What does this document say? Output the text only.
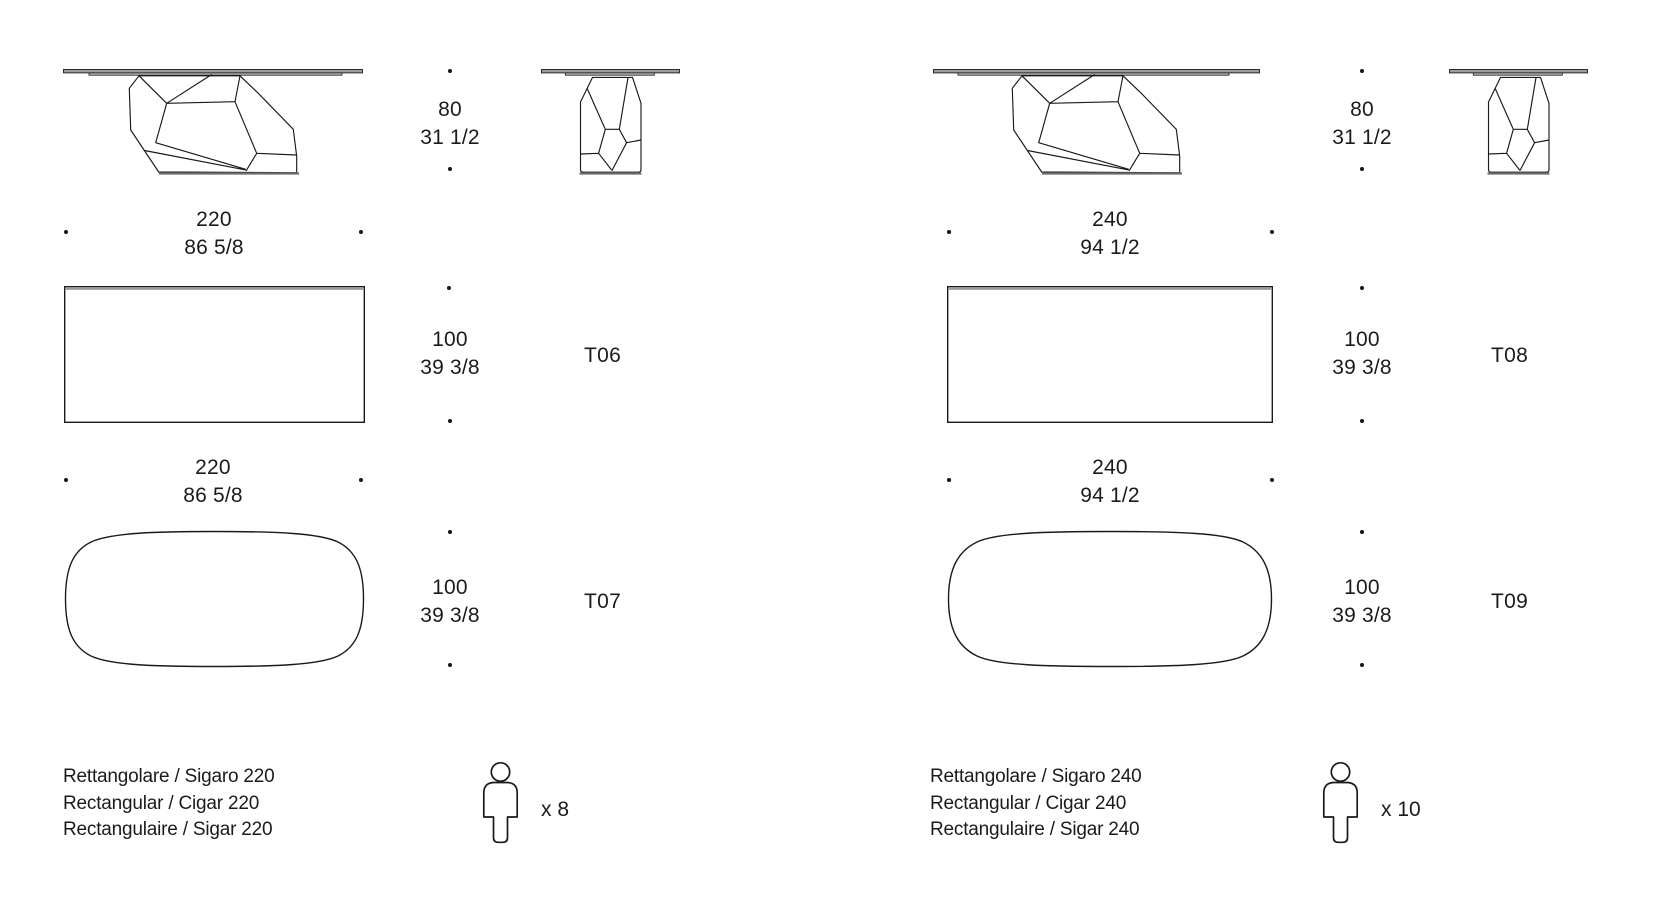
80
31 1/2
220
86 5/8
100
39 3/8
T06
220
86 5/8
100
39 3/8
T07
Rettangolare / Sigaro 220
Rectangular / Cigar 220
Rectangulaire / Sigar 220
x 8
80
31 1/2
240
94 1/2
100
39 3/8
T08
240
94 1/2
100
39 3/8
T09
Rettangolare / Sigaro 240
Rectangular / Cigar 240
Rectangulaire / Sigar 240
x 10
